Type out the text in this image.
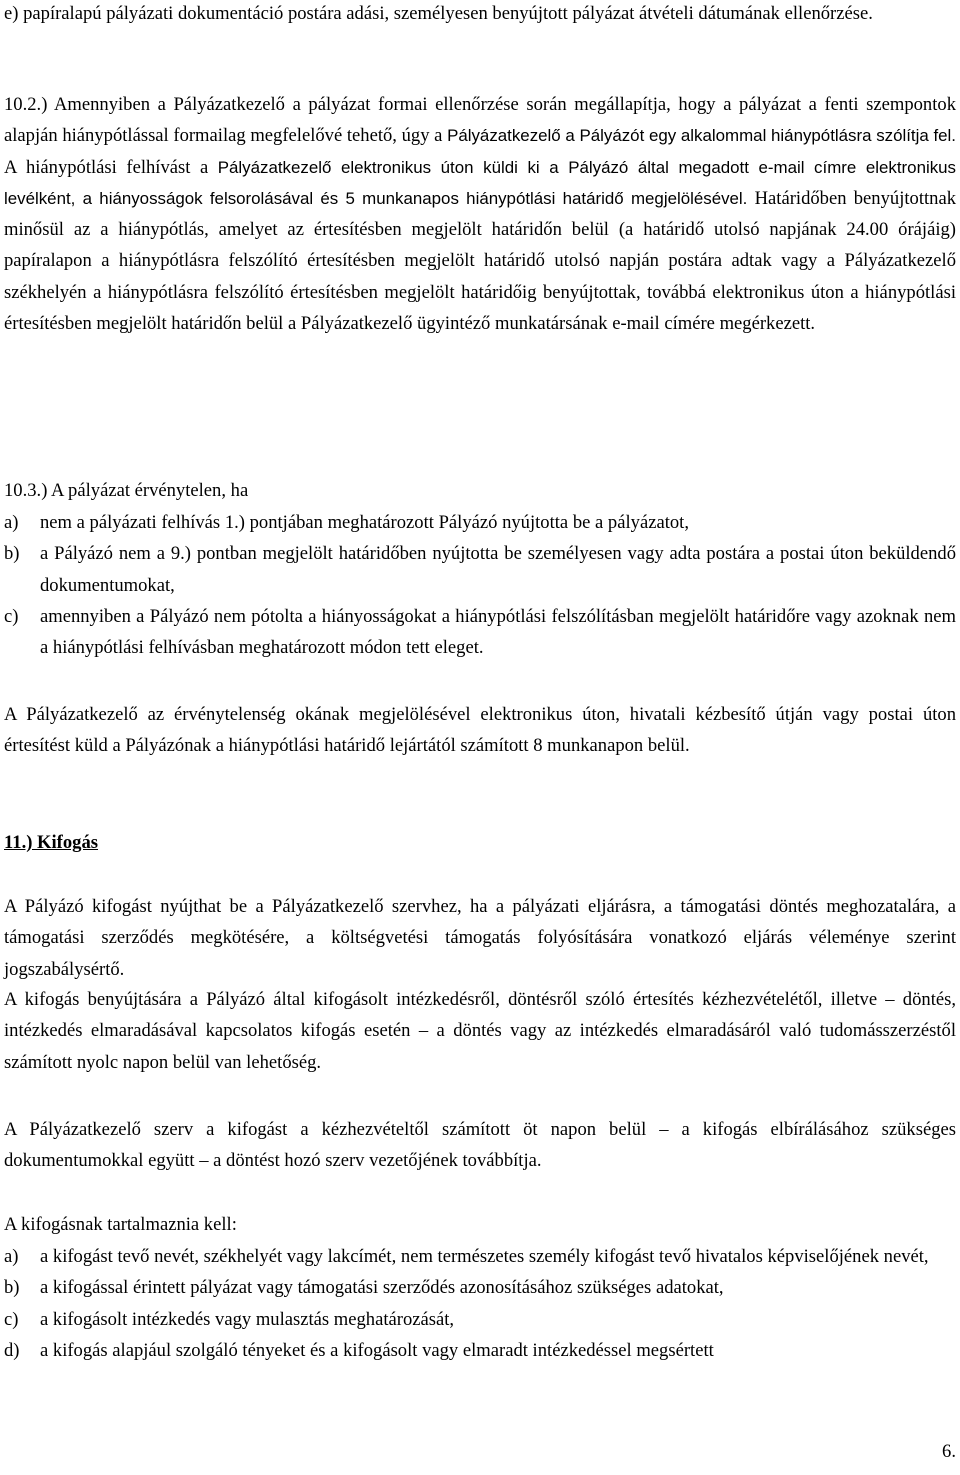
e) papíralapú pályázati dokumentáció postára adási, személyesen benyújtott pályázat átvételi dátumának ellenőrzése.

10.2.) Amennyiben a Pályázatkezelő a pályázat formai ellenőrzése során megállapítja, hogy a pályázat a fenti szempontok alapján hiánypótlással formailag megfelelővé tehető, úgy a Pályázatkezelő a Pályázót egy alkalommal hiánypótlásra szólítja fel. A hiánypótlási felhívást a Pályázatkezelő elektronikus úton küldi ki a Pályázó által megadott e-mail címre elektronikus levélként, a hiányosságok felsorolásával és 5 munkanapos hiánypótlási határidő megjelölésével. Határidőben benyújtottnak minősül az a hiánypótlás, amelyet az értesítésben megjelölt határidőn belül (a határidő utolsó napjának 24.00 órájáig) papíralapon a hiánypótlásra felszólító értesítésben megjelölt határidő utolsó napján postára adtak vagy a Pályázatkezelő székhelyén a hiánypótlásra felszólító értesítésben megjelölt határidőig benyújtottak, továbbá elektronikus úton a hiánypótlási értesítésben megjelölt határidőn belül a Pályázatkezelő ügyintéző munkatársának e-mail címére megérkezett.

10.3.) A pályázat érvénytelen, ha

a) nem a pályázati felhívás 1.) pontjában meghatározott Pályázó nyújtotta be a pályázatot,
b) a Pályázó nem a 9.) pontban megjelölt határidőben nyújtotta be személyesen vagy adta postára a postai úton beküldendő dokumentumokat,
c) amennyiben a Pályázó nem pótolta a hiányosságokat a hiánypótlási felszólításban megjelölt határidőre vagy azoknak nem a hiánypótlási felhívásban meghatározott módon tett eleget.

A Pályázatkezelő az érvénytelenség okának megjelölésével elektronikus úton, hivatali kézbesítő útján vagy postai úton értesítést küld a Pályázónak a hiánypótlási határidő lejártától számított 8 munkanapon belül.

11.) Kifogás

A Pályázó kifogást nyújthat be a Pályázatkezelő szervhez, ha a pályázati eljárásra, a támogatási döntés meghozatalára, a támogatási szerződés megkötésére, a költségvetési támogatás folyósítására vonatkozó eljárás véleménye szerint jogszabálysértő.

A kifogás benyújtására a Pályázó által kifogásolt intézkedésről, döntésről szóló értesítés kézhezvételétől, illetve – döntés, intézkedés elmaradásával kapcsolatos kifogás esetén – a döntés vagy az intézkedés elmaradásáról való tudomásszerzéstől számított nyolc napon belül van lehetőség.

A Pályázatkezelő szerv a kifogást a kézhezvételtől számított öt napon belül – a kifogás elbírálásához szükséges dokumentumokkal együtt – a döntést hozó szerv vezetőjének továbbítja.

A kifogásnak tartalmaznia kell:

a) a kifogást tevő nevét, székhelyét vagy lakcímét, nem természetes személy kifogást tevő hivatalos képviselőjének nevét,
b) a kifogással érintett pályázat vagy támogatási szerződés azonosításához szükséges adatokat,
c) a kifogásolt intézkedés vagy mulasztás meghatározását,
d) a kifogás alapjául szolgáló tényeket és a kifogásolt vagy elmaradt intézkedéssel megsértett
6.
